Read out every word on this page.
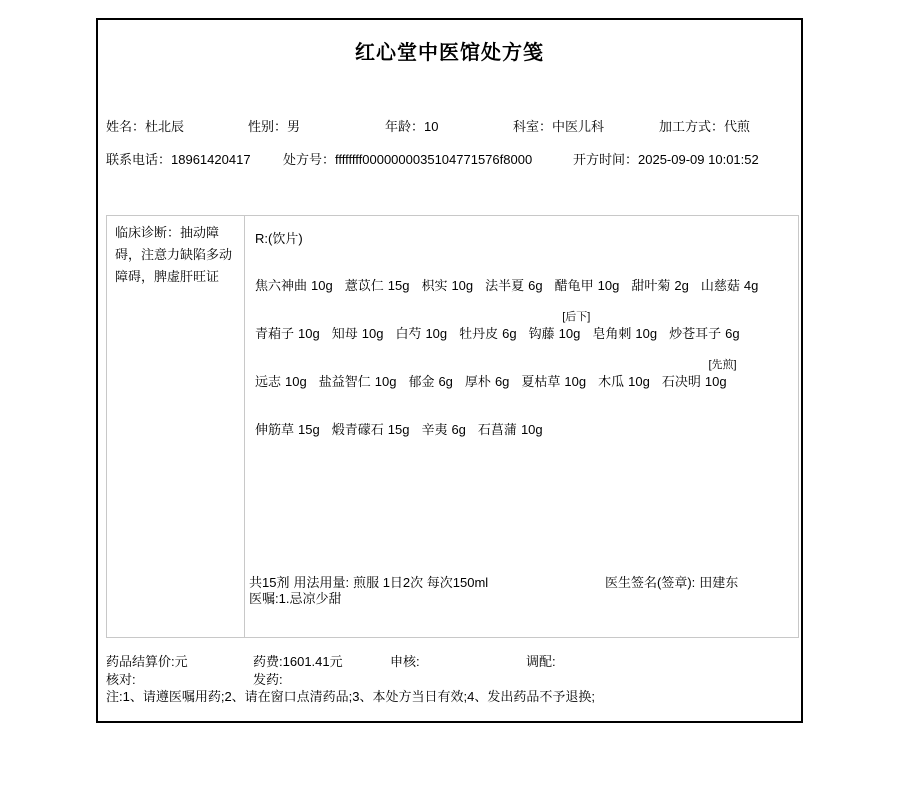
红心堂中医馆处方笺
姓名：杜北辰	性别：男	年龄：10	科室：中医儿科	加工方式：代煎
联系电话：18961420417 处方号：ffffffff0000000035104771576f8000	开方时间：2025-09-09 10:01:52
临床诊断：抽动障碍，注意力缺陷多动障碍，脾虚肝旺证
R:(饮片)
焦六神曲 10g 薏苡仁 15g 枳实 10g 法半夏 6g 醋龟甲 10g 甜叶菊 2g 山慈菇 4g
青葙子 10g 知母 10g 白芍 10g 牡丹皮 6g
[后下]
钩藤 10g 皂角刺 10g 炒苍耳子 6g
远志 10g 盐益智仁 10g 郁金 6g 厚朴 6g 夏枯草 10g 木瓜 10g
[先煎]
石决明 10g
伸筋草 15g 煅青礞石 15g 辛夷 6g 石菖蒲 10g
共15剂 用法用量: 煎服 1日2次 每次150ml	医生签名(签章): 田建东
医嘱:1.忌凉少甜
药品结算价:元	药费:1601.41元	申核:	调配:
核对:	发药:
注:1、请遵医嘱用药;2、请在窗口点清药品;3、本处方当日有效;4、发出药品不予退换;
